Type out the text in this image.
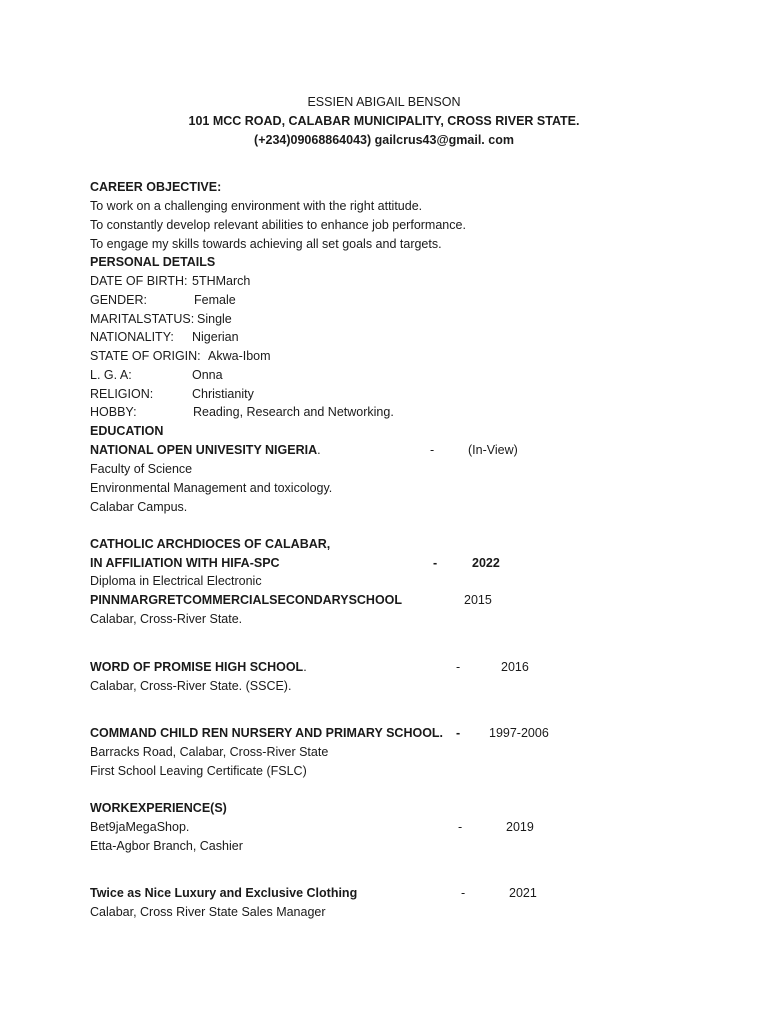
ESSIEN ABIGAIL BENSON
101 MCC ROAD, CALABAR MUNICIPALITY, CROSS RIVER STATE.
(+234)09068864043) gailcrus43@gmail. com
CAREER OBJECTIVE:
To work on a challenging environment with the right attitude.
To constantly develop relevant abilities to enhance job performance.
To engage my skills towards achieving all set goals and targets.
PERSONAL DETAILS
DATE OF BIRTH: 5THMarch
GENDER:	Female
MARITALSTATUS: Single
NATIONALITY: Nigerian
STATE OF ORIGIN: Akwa-Ibom
L. G. A:	Onna
RELIGION:	Christianity
HOBBY:	Reading, Research and Networking.
EDUCATION
NATIONAL OPEN UNIVESITY NIGERIA.	-	(In-View)
Faculty of Science
Environmental Management and toxicology.
Calabar Campus.
CATHOLIC ARCHDIOCES OF CALABAR,
IN AFFILIATION WITH HIFA-SPC	-	2022
Diploma in Electrical Electronic
PINNMARGRETCOMMERCIALSECONDARYSCHOOL	2015
Calabar, Cross-River State.
WORD OF PROMISE HIGH SCHOOL.	-	2016
Calabar, Cross-River State. (SSCE).
COMMAND CHILD REN NURSERY AND PRIMARY SCHOOL. - 1997-2006
Barracks Road, Calabar, Cross-River State
First School Leaving Certificate (FSLC)
WORKEXPERIENCE(S)
Bet9jaMegaShop.	-	2019
Etta-Agbor Branch, Cashier
Twice as Nice Luxury and Exclusive Clothing	-	2021
Calabar, Cross River State Sales Manager
